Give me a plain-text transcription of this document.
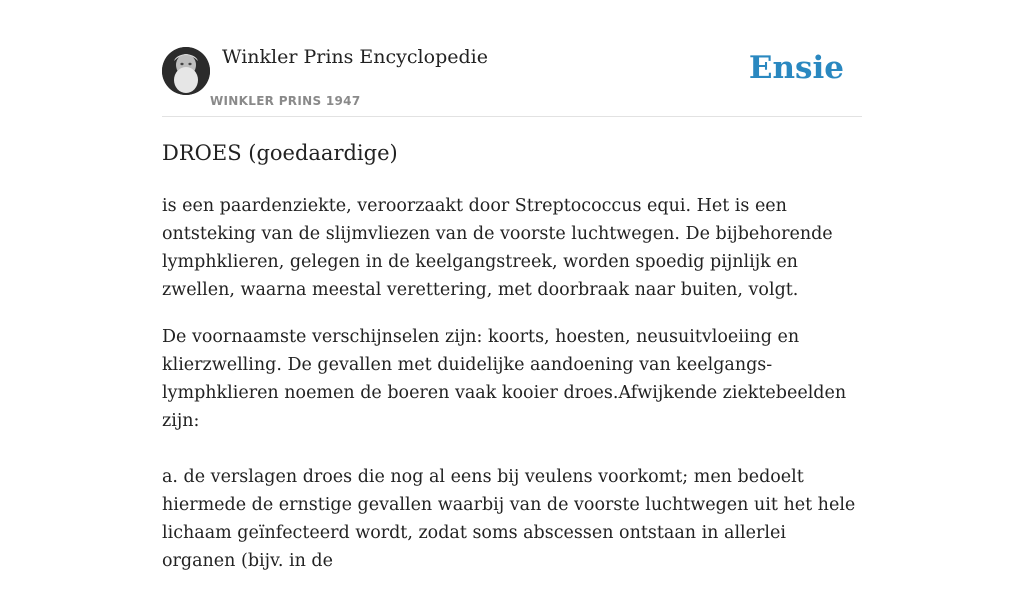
Winkler Prins Encyclopedie
WINKLER PRINS 1947
Ensie
DROES (goedaardige)

is een paardenziekte, veroorzaakt door Streptococcus equi. Het is een ontsteking van de slijmvliezen van de voorste luchtwegen. De bijbehorende lymphklieren, gelegen in de keelgangstreek, worden spoedig pijnlijk en zwellen, waarna meestal verettering, met doorbraak naar buiten, volgt.

De voornaamste verschijnselen zijn: koorts, hoesten, neusuitvloeiing en klierzwelling. De gevallen met duidelijke aandoening van keelgangs-lymphklieren noemen de boeren vaak kooier droes.Afwijkende ziektebeelden zijn:

a. de verslagen droes die nog al eens bij veulens voorkomt; men bedoelt hiermede de ernstige gevallen waarbij van de voorste luchtwegen uit het hele lichaam geïnfecteerd wordt, zodat soms abscessen ontstaan in allerlei organen (bijv. in de
